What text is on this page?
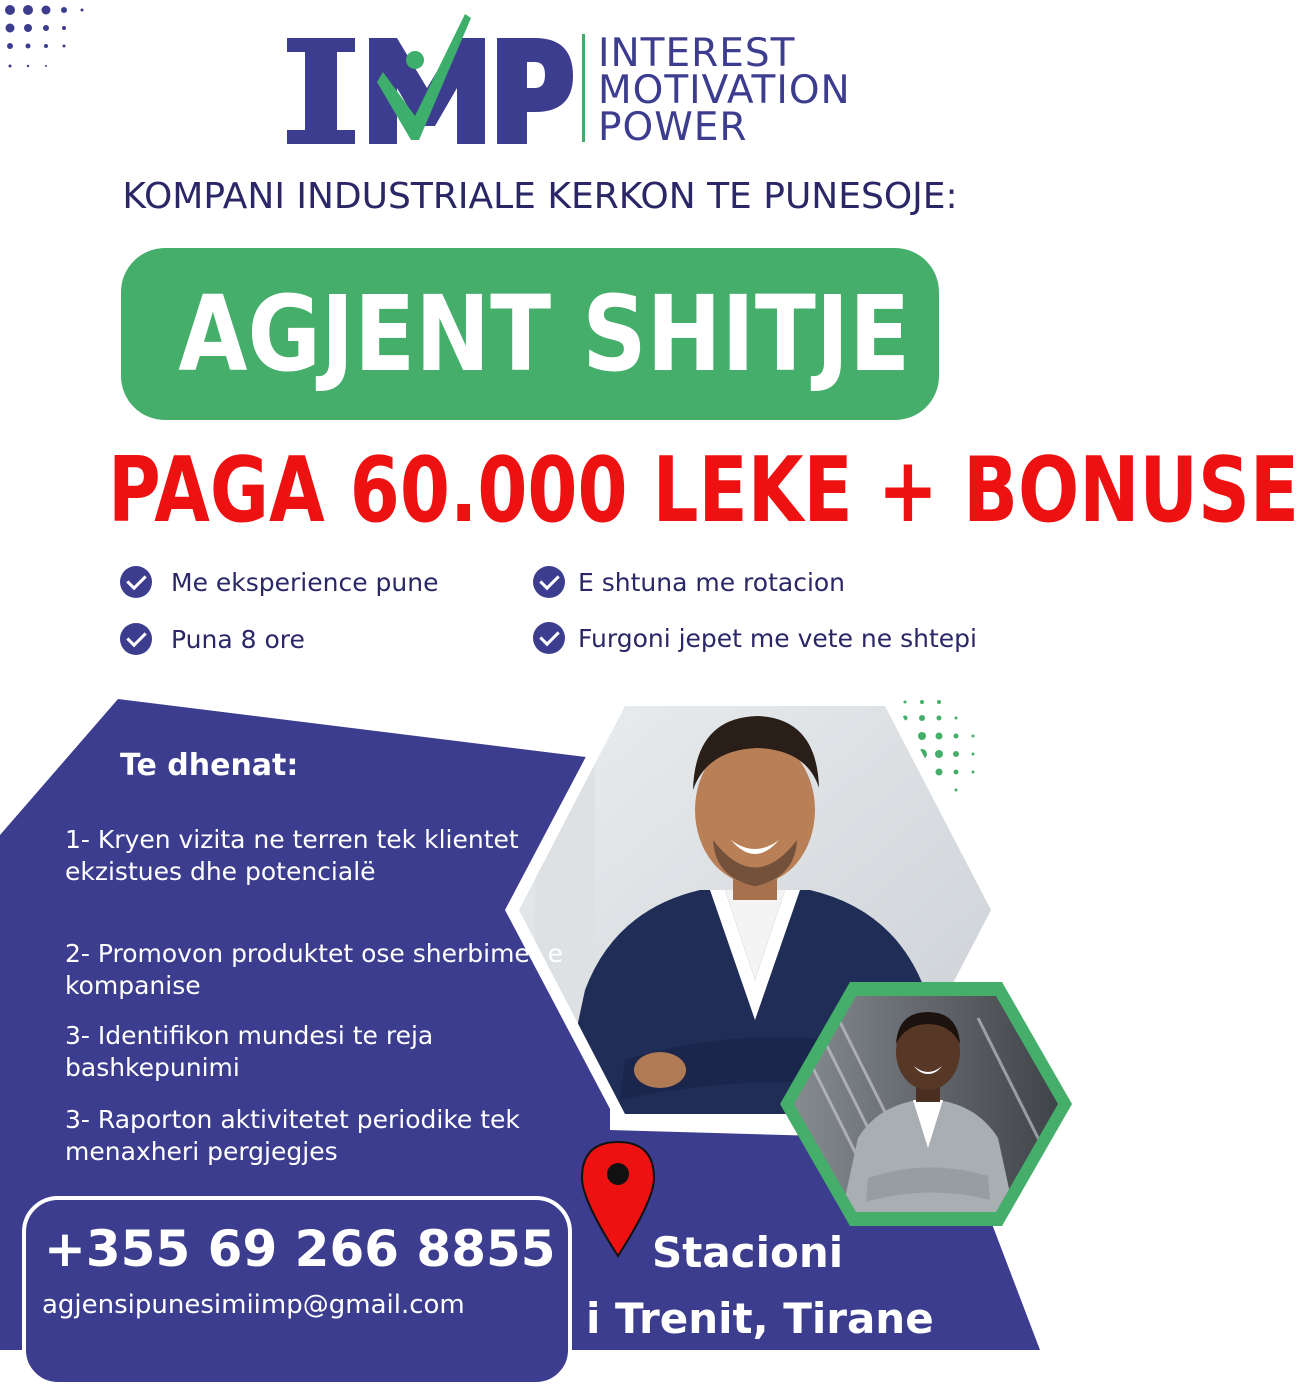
INTEREST
MOTIVATION
POWER
KOMPANI INDUSTRIALE KERKON TE PUNESOJE:
AGJENT SHITJE
PAGA 60.000 LEKE + BONUSE
Me eksperience pune	E shtuna me rotacion
Puna 8 ore	Furgoni jepet me vete ne shtepi
Te dhenat:
1- Kryen vizita ne terren tek klientet ekzistues dhe potencialë
2- Promovon produktet ose sherbimet e kompanise
3- Identifikon mundesi te reja bashkepunimi
3- Raporton aktivitetet periodike tek menaxheri pergjegjes
+355 69 266 8855
agjensipunesimiimp@gmail.com
Stacioni
i Trenit, Tirane
